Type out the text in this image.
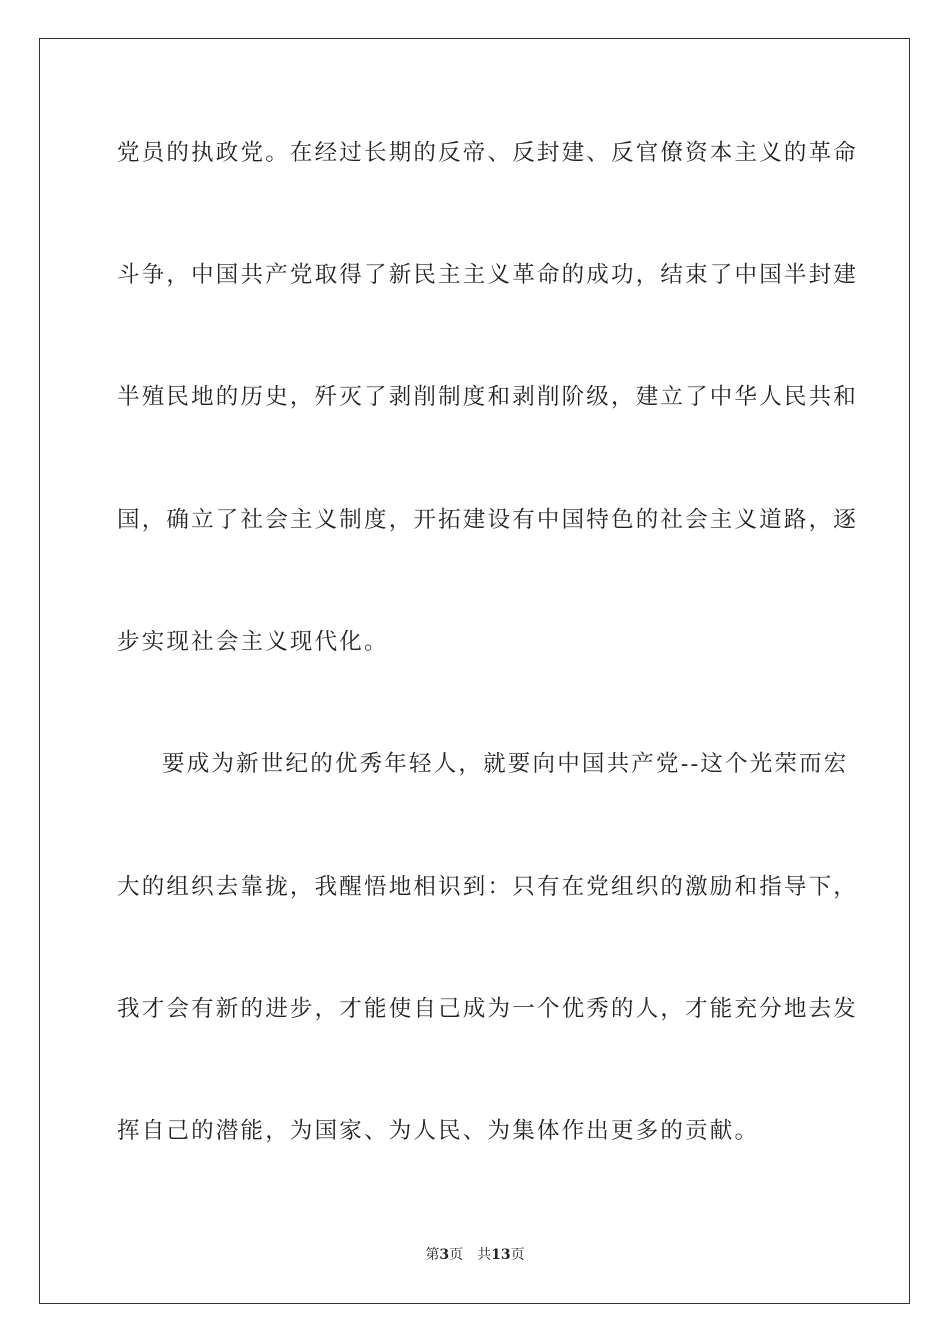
党员的执政党。在经过长期的反帝、反封建、反官僚资本主义的革命
斗争，中国共产党取得了新民主主义革命的成功，结束了中国半封建
半殖民地的历史，歼灭了剥削制度和剥削阶级，建立了中华人民共和
国，确立了社会主义制度，开拓建设有中国特色的社会主义道路，逐
步实现社会主义现代化。
要成为新世纪的优秀年轻人，就要向中国共产党--这个光荣而宏
大的组织去靠拢，我醒悟地相识到：只有在党组织的激励和指导下，
我才会有新的进步，才能使自己成为一个优秀的人，才能充分地去发
挥自己的潜能，为国家、为人民、为集体作出更多的贡献。
第3页 共13页
